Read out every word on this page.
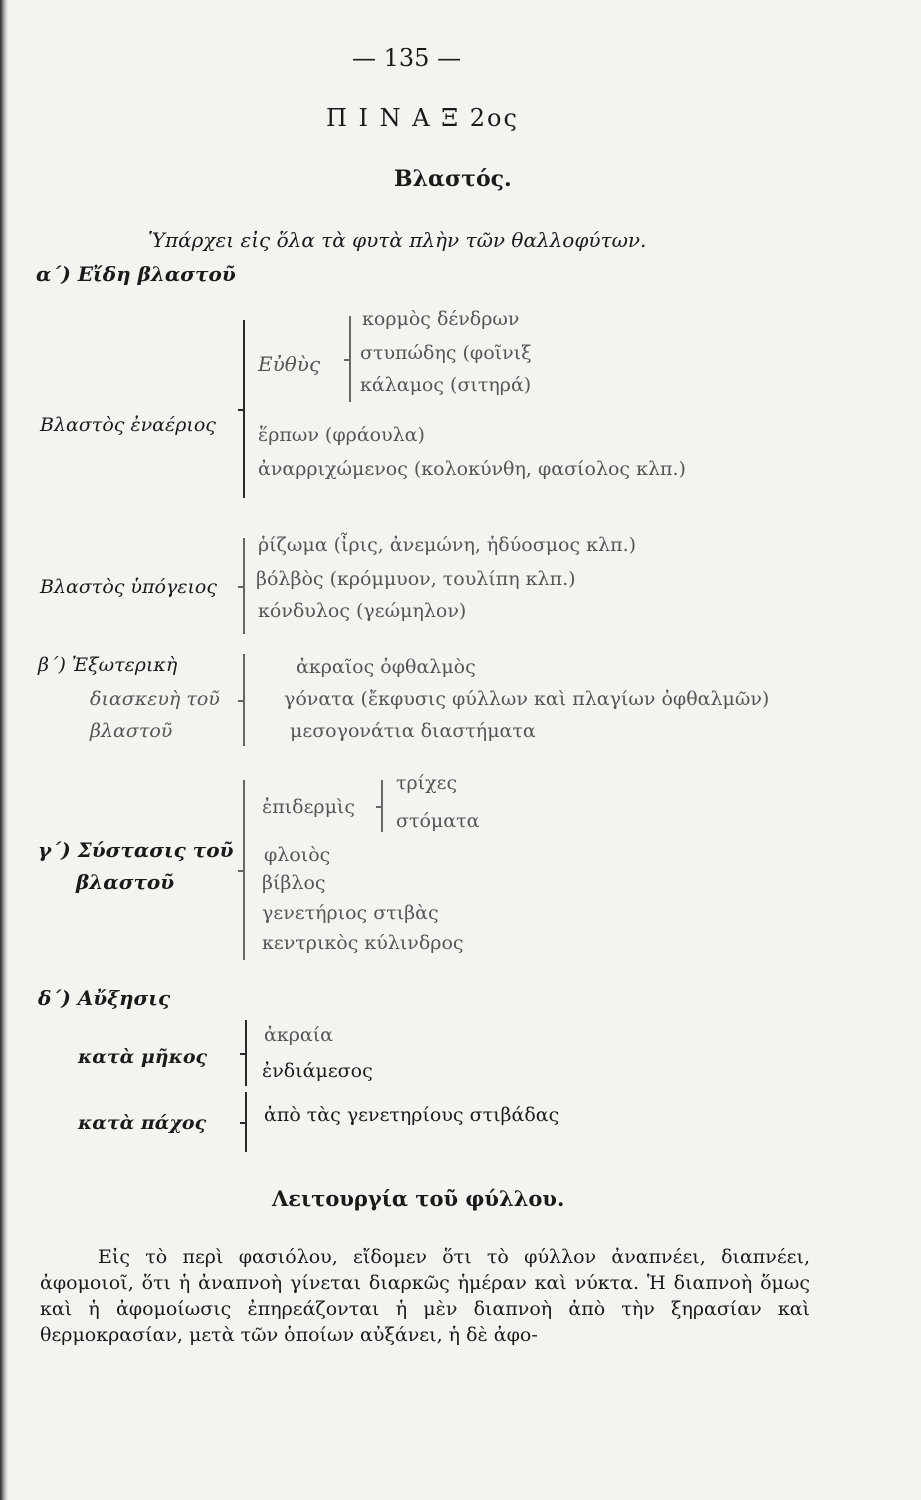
— 135 —
Π Ι Ν Α Ξ 2ος
Βλαστός.
Ὑπάρχει εἰς ὅλα τὰ φυτὰ πλὴν τῶν θαλλοφύτων.
α΄) Εἴδη βλαστοῦ
Βλαστὸς ἐναέριος
Εὐθὺς
κορμὸς δένδρων
στυπώδης (φοῖνιξ
κάλαμος (σιτηρά)
ἕρπων (φράουλα)
ἀναρριχώμενος (κολοκύνθη, φασίολος κλπ.)
Βλαστὸς ὑπόγειος
ῥίζωμα (ἶρις, ἀνεμώνη, ἡδύοσμος κλπ.)
βόλβὸς (κρόμμυον, τουλίπη κλπ.)
κόνδυλος (γεώμηλον)
β΄) Ἐξωτερικὴ
διασκευὴ τοῦ
βλαστοῦ
ἀκραῖος ὀφθαλμὸς
γόνατα (ἔκφυσις φύλλων καὶ πλαγίων ὀφθαλμῶν)
μεσογονάτια διαστήματα
γ΄) Σύστασις τοῦ
βλαστοῦ
ἐπιδερμὶς
τρίχες
στόματα
φλοιὸς
βίβλος
γενετήριος στιβὰς
κεντρικὸς κύλινδρος
δ΄) Αὔξησις
κατὰ μῆκος
ἀκραία
ἐνδιάμεσος
κατὰ πάχος	ἀπὸ τὰς γενετηρίους στιβάδας
Λειτουργία τοῦ φύλλου.

Εἰς τὸ περὶ φασιόλου, εἴδομεν ὅτι τὸ φύλλον ἀναπνέει, διαπνέει, ἀφομοιοῖ, ὅτι ἡ ἀναπνοὴ γίνεται διαρκῶς ἡμέραν καὶ νύκτα. Ἡ διαπνοὴ ὅμως καὶ ἡ ἀφομοίωσις ἐπηρεάζονται ἡ μὲν διαπνοὴ ἀπὸ τὴν ξηρασίαν καὶ θερμοκρασίαν, μετὰ τῶν ὁποίων αὐξάνει, ἡ δὲ ἀφο-
